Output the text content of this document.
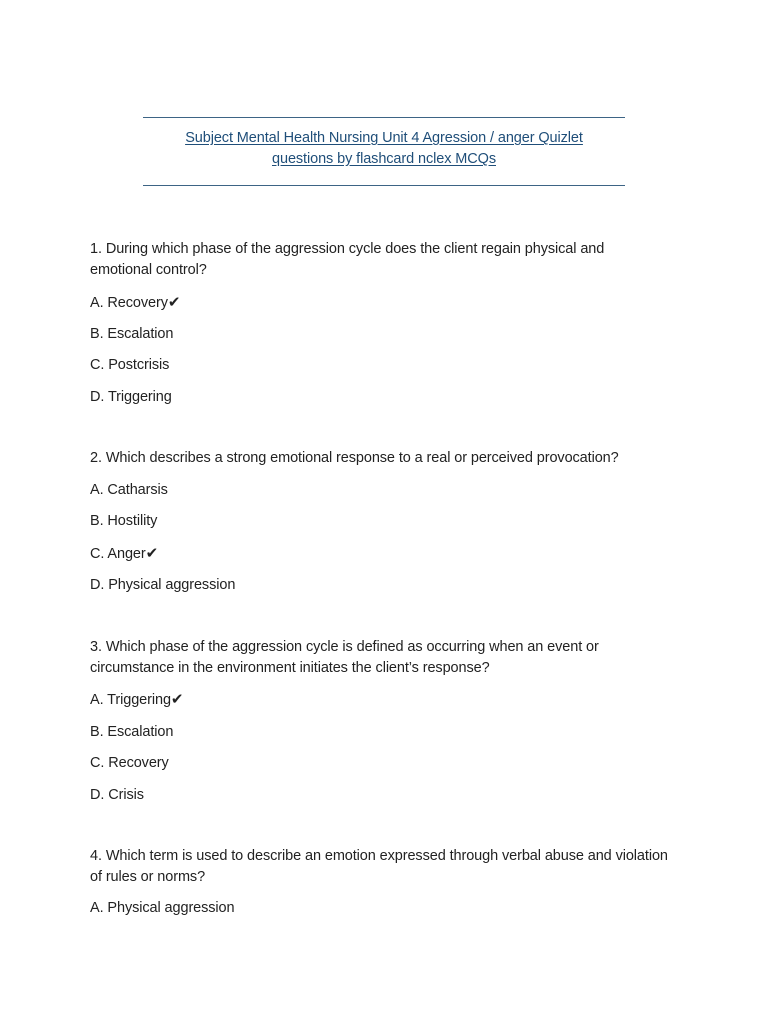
Subject Mental Health Nursing Unit 4 Agression / anger Quizlet
questions by flashcard nclex MCQs

1. During which phase of the aggression cycle does the client regain physical and emotional control?

A. Recovery✔

B. Escalation

C. Postcrisis

D. Triggering

2. Which describes a strong emotional response to a real or perceived provocation?

A. Catharsis

B. Hostility

C. Anger✔

D. Physical aggression

3. Which phase of the aggression cycle is defined as occurring when an event or circumstance in the environment initiates the client’s response?

A. Triggering✔

B. Escalation

C. Recovery

D. Crisis

4. Which term is used to describe an emotion expressed through verbal abuse and violation of rules or norms?

A. Physical aggression
